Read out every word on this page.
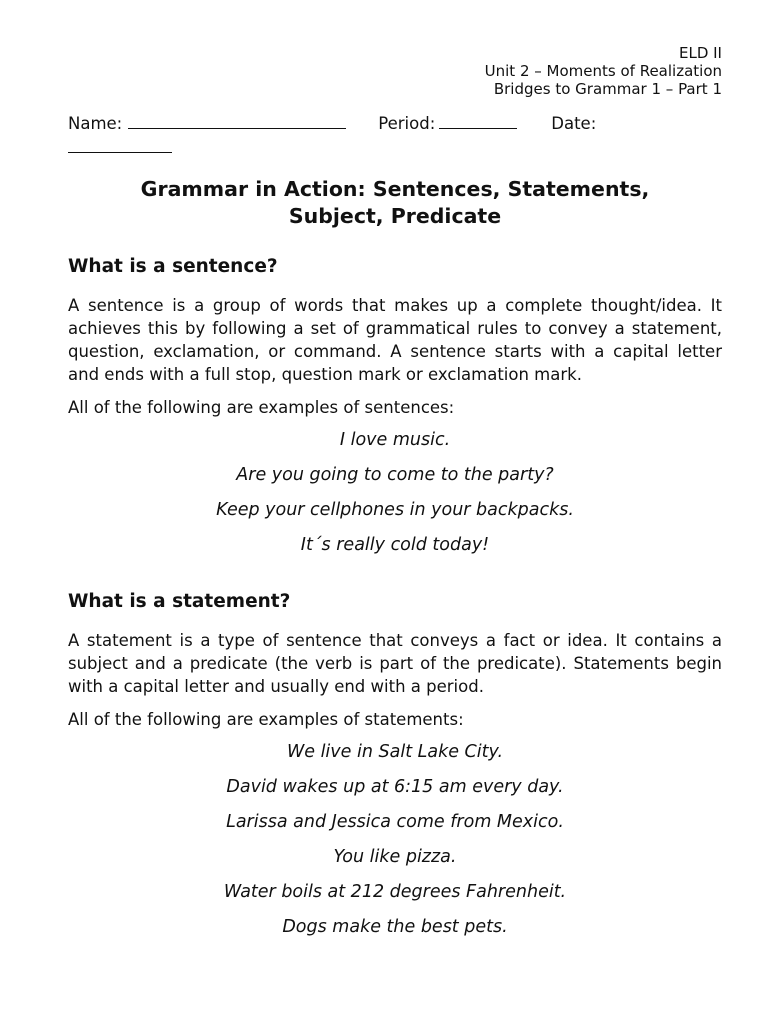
ELD II
Unit 2 – Moments of Realization
Bridges to Grammar 1 – Part 1
Name:	Period:	Date:

Grammar in Action: Sentences, Statements,
Subject, Predicate
What is a sentence?

A sentence is a group of words that makes up a complete thought/idea. It achieves this by following a set of grammatical rules to convey a statement, question, exclamation, or command. A sentence starts with a capital letter and ends with a full stop, question mark or exclamation mark.

All of the following are examples of sentences:

I love music.
Are you going to come to the party?
Keep your cellphones in your backpacks.
It´s really cold today!
What is a statement?

A statement is a type of sentence that conveys a fact or idea. It contains a subject and a predicate (the verb is part of the predicate). Statements begin with a capital letter and usually end with a period.

All of the following are examples of statements:

We live in Salt Lake City.
David wakes up at 6:15 am every day.
Larissa and Jessica come from Mexico.
You like pizza.
Water boils at 212 degrees Fahrenheit.
Dogs make the best pets.
